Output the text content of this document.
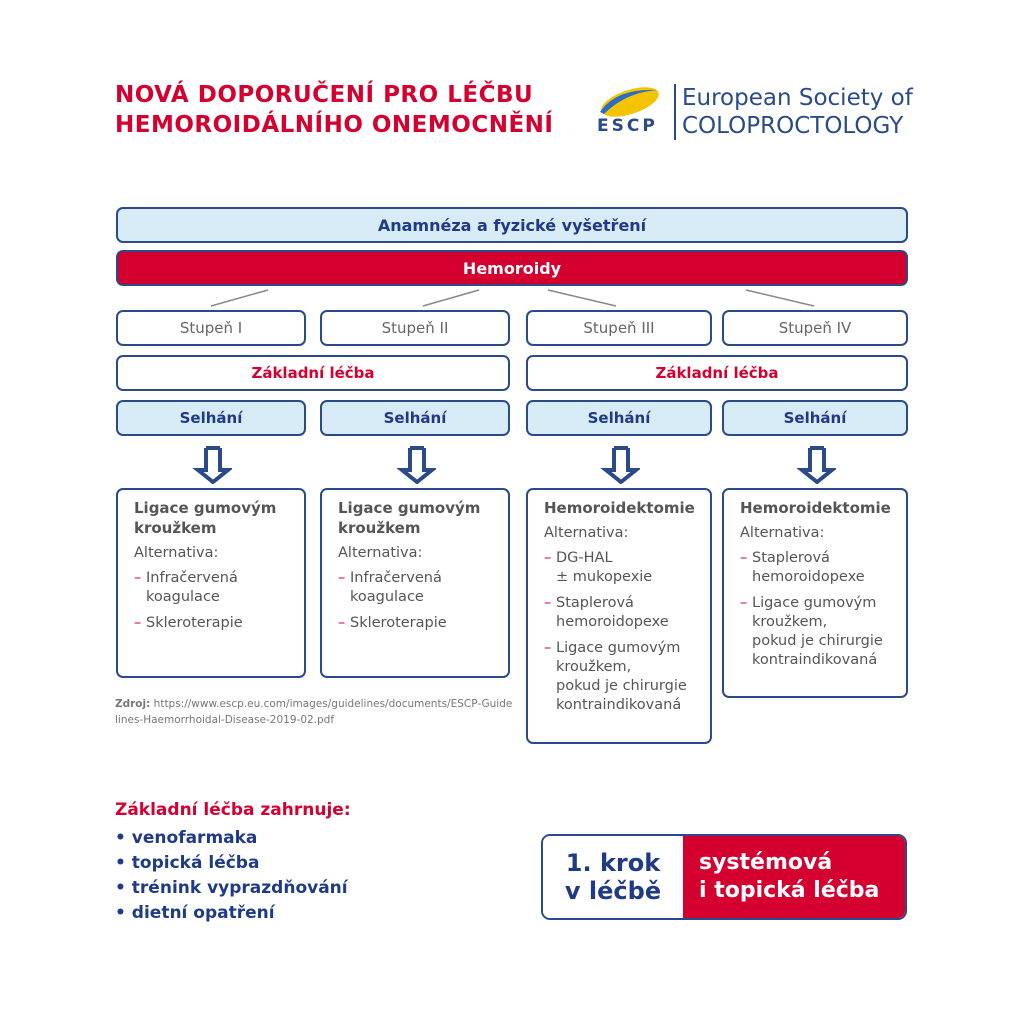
NOVÁ DOPORUČENÍ PRO LÉČBU
HEMOROIDÁLNÍHO ONEMOCNĚNÍ	ESCP
European Society of
COLOPROCTOLOGY
Anamnéza a fyzické vyšetření
Hemoroidy
Stupeň I	Stupeň II	Stupeň III	Stupeň IV
Základní léčba	Základní léčba
Selhání	Selhání	Selhání	Selhání
Ligace gumovým kroužkem
Alternativa:
– Infračervená
koagulace
– Skleroterapie
Ligace gumovým kroužkem
Alternativa:
– Infračervená
koagulace
– Skleroterapie
Hemoroidektomie
Alternativa:
– DG-HAL
± mukopexie
– Staplerová
hemoroidopexe
– Ligace gumovým
kroužkem,
pokud je chirurgie
kontraindikovaná
Hemoroidektomie
Alternativa:
– Staplerová
hemoroidopexe
– Ligace gumovým
kroužkem,
pokud je chirurgie
kontraindikovaná
Zdroj: https://www.escp.eu.com/images/guidelines/documents/ESCP-Guidelines-Haemorrhoidal-Disease-2019-02.pdf
Základní léčba zahrnuje:
• venofarmaka
• topická léčba
• trénink vyprazdňování
• dietní opatření
1. krok
v léčbě
systémová
i topická léčba
